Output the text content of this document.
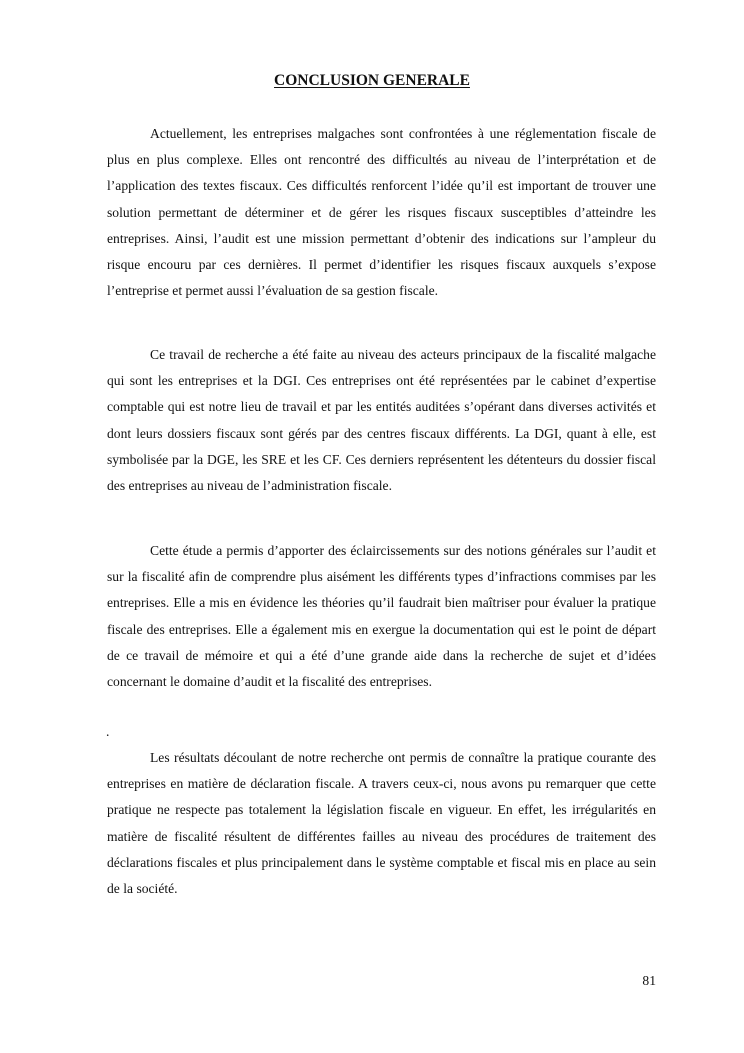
CONCLUSION GENERALE

Actuellement, les entreprises malgaches sont confrontées à une réglementation fiscale de plus en plus complexe. Elles ont rencontré des difficultés au niveau de l’interprétation et de l’application des textes fiscaux. Ces difficultés renforcent l’idée qu’il est important de trouver une solution permettant de déterminer et de gérer les risques fiscaux susceptibles d’atteindre les entreprises. Ainsi, l’audit est une mission permettant d’obtenir des indications sur l’ampleur du risque encouru par ces dernières. Il permet d’identifier les risques fiscaux auxquels s’expose l’entreprise et permet aussi l’évaluation de sa gestion fiscale.

Ce travail de recherche a été faite au niveau des acteurs principaux de la fiscalité malgache qui sont les entreprises et la DGI. Ces entreprises ont été représentées par le cabinet d’expertise comptable qui est notre lieu de travail et par les entités auditées s’opérant dans diverses activités et dont leurs dossiers fiscaux sont gérés par des centres fiscaux différents. La DGI, quant à elle, est symbolisée par la DGE, les SRE et les CF. Ces derniers représentent les détenteurs du dossier fiscal des entreprises au niveau de l’administration fiscale.

Cette étude a permis d’apporter des éclaircissements sur des notions générales sur l’audit et sur la fiscalité afin de comprendre plus aisément les différents types d’infractions commises par les entreprises. Elle a mis en évidence les théories qu’il faudrait bien maîtriser pour évaluer la pratique fiscale des entreprises. Elle a également mis en exergue la documentation qui est le point de départ de ce travail de mémoire et qui a été d’une grande aide dans la recherche de sujet et d’idées concernant le domaine d’audit et la fiscalité des entreprises.

.

Les résultats découlant de notre recherche ont permis de connaître la pratique courante des entreprises en matière de déclaration fiscale. A travers ceux-ci, nous avons pu remarquer que cette pratique ne respecte pas totalement la législation fiscale en vigueur. En effet, les irrégularités en matière de fiscalité résultent de différentes failles au niveau des procédures de traitement des déclarations fiscales et plus principalement dans le système comptable et fiscal mis en place au sein de la société.

81
